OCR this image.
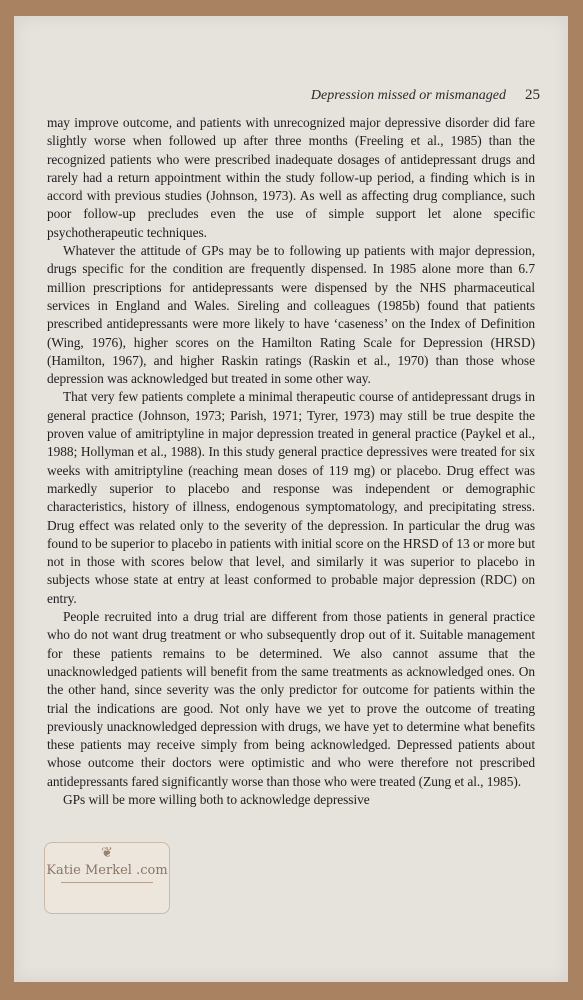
Depression missed or mismanaged 25

may improve outcome, and patients with unrecognized major depressive disorder did fare slightly worse when followed up after three months (Freeling et al., 1985) than the recognized patients who were prescribed inadequate dosages of antidepressant drugs and rarely had a return appointment within the study follow-up period, a finding which is in accord with previous studies (Johnson, 1973). As well as affecting drug compliance, such poor follow-up precludes even the use of simple support let alone specific psychotherapeutic techniques.

Whatever the attitude of GPs may be to following up patients with major depression, drugs specific for the condition are frequently dispensed. In 1985 alone more than 6.7 million prescriptions for antidepressants were dispensed by the NHS pharmaceutical services in England and Wales. Sireling and colleagues (1985b) found that patients prescribed antidepressants were more likely to have ‘caseness’ on the Index of Definition (Wing, 1976), higher scores on the Hamilton Rating Scale for Depression (HRSD) (Hamilton, 1967), and higher Raskin ratings (Raskin et al., 1970) than those whose depression was acknowledged but treated in some other way.

That very few patients complete a minimal therapeutic course of antidepressant drugs in general practice (Johnson, 1973; Parish, 1971; Tyrer, 1973) may still be true despite the proven value of amitriptyline in major depression treated in general practice (Paykel et al., 1988; Hollyman et al., 1988). In this study general practice depressives were treated for six weeks with amitriptyline (reaching mean doses of 119 mg) or placebo. Drug effect was markedly superior to placebo and response was independent or demographic characteristics, history of illness, endogenous symptomatology, and precipitating stress. Drug effect was related only to the severity of the depression. In particular the drug was found to be superior to placebo in patients with initial score on the HRSD of 13 or more but not in those with scores below that level, and similarly it was superior to placebo in subjects whose state at entry at least conformed to probable major depression (RDC) on entry.

People recruited into a drug trial are different from those patients in general practice who do not want drug treatment or who subsequently drop out of it. Suitable management for these patients remains to be determined. We also cannot assume that the unacknowledged patients will benefit from the same treatments as acknowledged ones. On the other hand, since severity was the only predictor for outcome for patients within the trial the indications are good. Not only have we yet to prove the outcome of treating previously unacknowledged depression with drugs, we have yet to determine what benefits these patients may receive simply from being acknowledged. Depressed patients about whose outcome their doctors were optimistic and who were therefore not prescribed antidepressants fared significantly worse than those who were treated (Zung et al., 1985).

GPs will be more willing both to acknowledge depressive

❦
Katie Merkel .com
